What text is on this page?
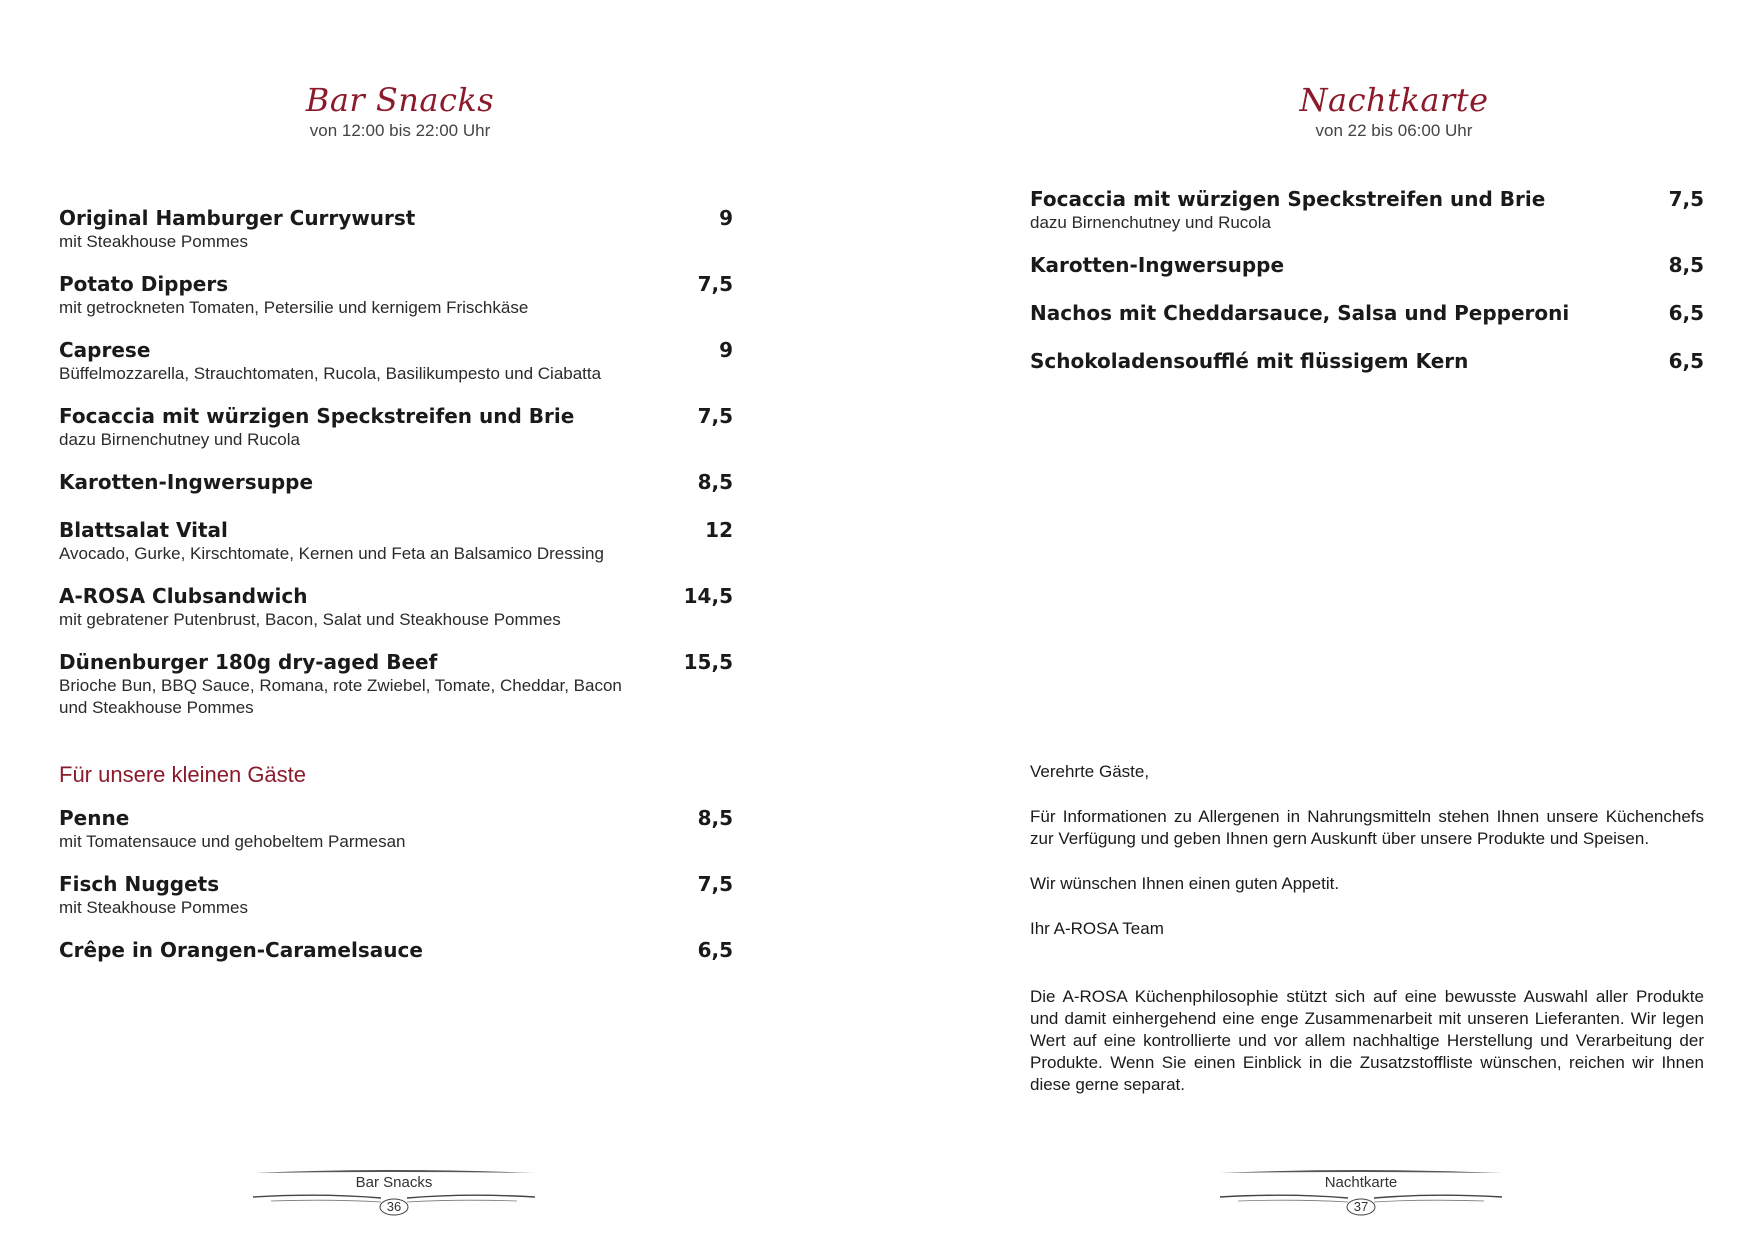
Bar Snacks
von 12:00 bis 22:00 Uhr
Original Hamburger Currywurst	9
mit Steakhouse Pommes
Potato Dippers	7,5
mit getrockneten Tomaten, Petersilie und kernigem Frischkäse
Caprese	9
Büffelmozzarella, Strauchtomaten, Rucola, Basilikumpesto und Ciabatta
Focaccia mit würzigen Speckstreifen und Brie	7,5
dazu Birnenchutney und Rucola
Karotten-Ingwersuppe	8,5
Blattsalat Vital	12
Avocado, Gurke, Kirschtomate, Kernen und Feta an Balsamico Dressing
A-ROSA Clubsandwich	14,5
mit gebratener Putenbrust, Bacon, Salat und Steakhouse Pommes
Dünenburger 180g dry-aged Beef	15,5
Brioche Bun, BBQ Sauce, Romana, rote Zwiebel, Tomate, Cheddar, Bacon und Steakhouse Pommes
Für unsere kleinen Gäste
Penne	8,5
mit Tomatensauce und gehobeltem Parmesan
Fisch Nuggets	7,5
mit Steakhouse Pommes
Crêpe in Orangen-Caramelsauce	6,5
Bar Snacks
36
Nachtkarte
von 22 bis 06:00 Uhr
Focaccia mit würzigen Speckstreifen und Brie	7,5
dazu Birnenchutney und Rucola
Karotten-Ingwersuppe	8,5
Nachos mit Cheddarsauce, Salsa und Pepperoni	6,5
Schokoladensoufflé mit flüssigem Kern	6,5

Verehrte Gäste,

Für Informationen zu Allergenen in Nahrungsmitteln stehen Ihnen unsere Küchenchefs zur Verfügung und geben Ihnen gern Auskunft über unsere Produkte und Speisen.

Wir wünschen Ihnen einen guten Appetit.

Ihr A-ROSA Team

Die A-ROSA Küchenphilosophie stützt sich auf eine bewusste Auswahl aller Produkte und damit einhergehend eine enge Zusammenarbeit mit unseren Lieferanten. Wir legen Wert auf eine kontrollierte und vor allem nachhaltige Herstellung und Verarbeitung der Produkte. Wenn Sie einen Einblick in die Zusatzstoffliste wünschen, reichen wir Ihnen diese gerne separat.

Nachtkarte
37
